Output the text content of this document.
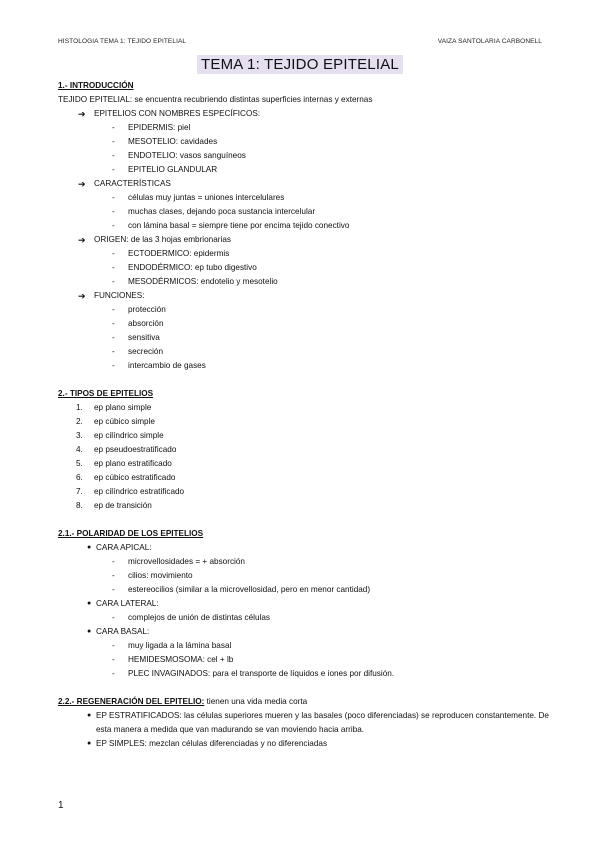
HISTOLOGIA TEMA 1: TEJIDO EPITELIAL	VAIZA SANTOLARIA CARBONELL
TEMA 1: TEJIDO EPITELIAL
1.- INTRODUCCIÓN
TEJIDO EPITELIAL: se encuentra recubriendo distintas superficies internas y externas
➔	EPITELIOS CON NOMBRES ESPECÍFICOS:
- EPIDERMIS: piel
- MESOTELIO: cavidades
- ENDOTELIO: vasos sanguíneos
- EPITELIO GLANDULAR
➔	CARACTERÍSTICAS
- células muy juntas = uniones intercelulares
- muchas clases, dejando poca sustancia intercelular
- con lámina basal = siempre tiene por encima tejido conectivo
➔	ORIGEN: de las 3 hojas embrionarias
- ECTODERMICO: epidermis
- ENDODÉRMICO: ep tubo digestivo
- MESODÉRMICOS: endotelio y mesotelio
➔	FUNCIONES:
- protección
- absorción
- sensitiva
- secreción
- intercambio de gases
2.- TIPOS DE EPITELIOS
1. ep plano simple
2. ep cúbico simple
3. ep cilíndrico simple
4. ep pseudoestratificado
5. ep plano estratificado
6. ep cúbico estratificado
7. ep cilíndrico estratificado
8. ep de transición
2.1.- POLARIDAD DE LOS EPITELIOS
● CARA APICAL:
- microvellosidades = + absorción
- cilios: movimiento
- estereocilios (similar a la microvellosidad, pero en menor cantidad)
● CARA LATERAL:
- complejos de unión de distintas células
● CARA BASAL:
- muy ligada a la lámina basal
- HEMIDESMOSOMA: cel + lb
- PLEC INVAGINADOS: para el transporte de líquidos e iones por difusión.
2.2.- REGENERACIÓN DEL EPITELIO: tienen una vida media corta
● EP ESTRATIFICADOS: las células superiores mueren y las basales (poco diferenciadas) se reproducen constantemente. De esta manera a medida que van madurando se van moviendo hacia arriba.
● EP SIMPLES: mezclan células diferenciadas y no diferenciadas
1
